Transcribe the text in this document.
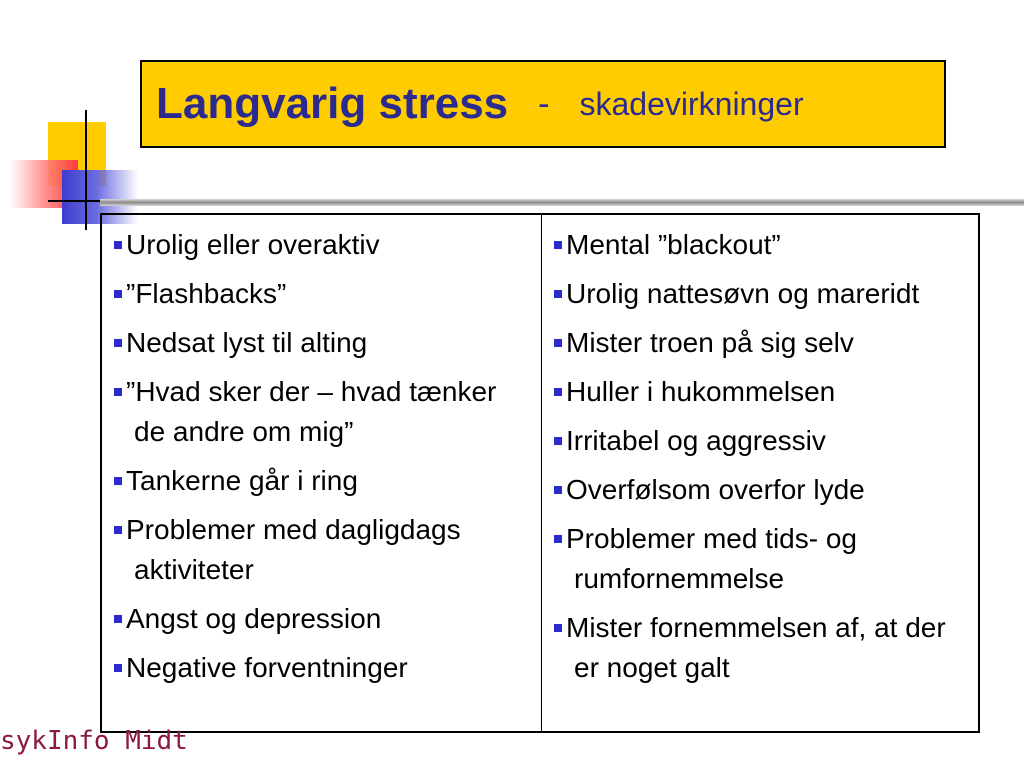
Langvarig stress - skadevirkninger
Urolig eller overaktiv
”Flashbacks”
Nedsat lyst til alting
”Hvad sker der – hvad tænker de andre om mig”
Tankerne går i ring
Problemer med dagligdags aktiviteter
Angst og depression
Negative forventninger
Mental ”blackout”
Urolig nattesøvn og mareridt
Mister troen på sig selv
Huller i hukommelsen
Irritabel og aggressiv
Overfølsom overfor lyde
Problemer med tids- og rumfornemmelse
Mister fornemmelsen af, at der er noget galt
sykInfo Midt
